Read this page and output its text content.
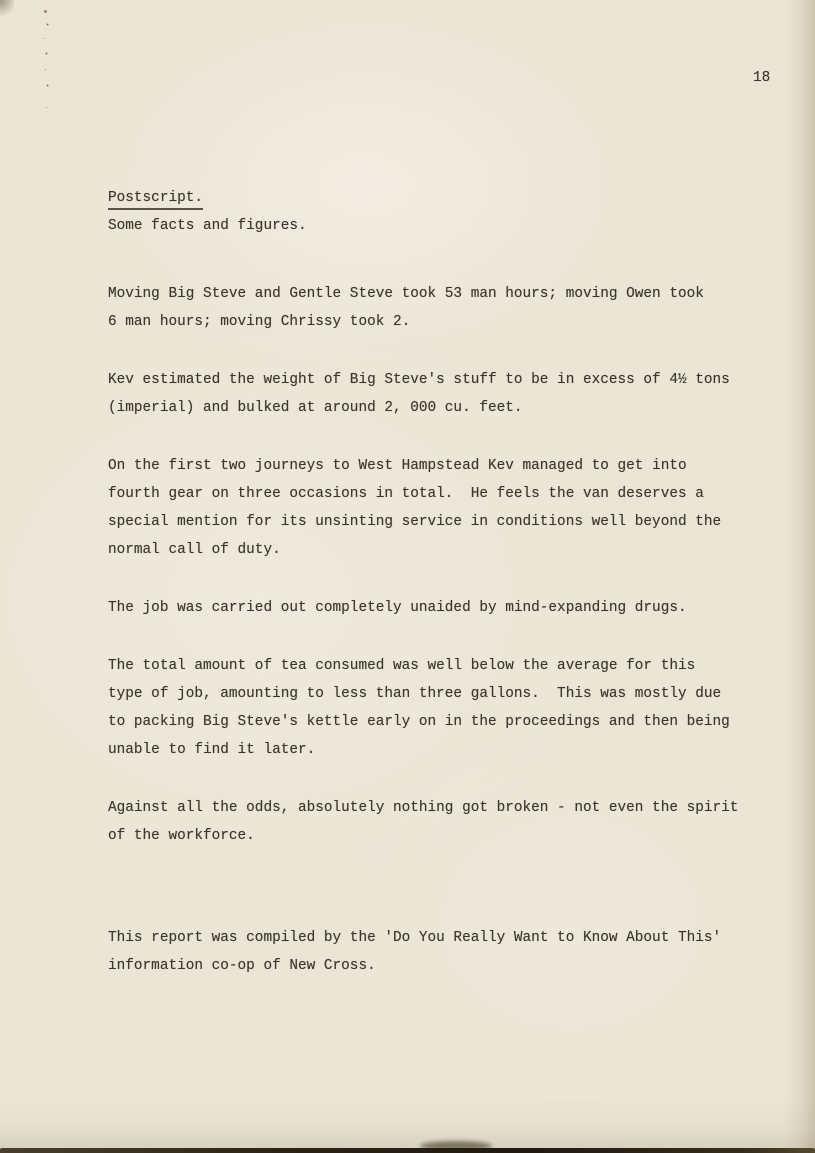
18
Postscript.
Some facts and figures.
Moving Big Steve and Gentle Steve took 53 man hours; moving Owen took
6 man hours; moving Chrissy took 2.
Kev estimated the weight of Big Steve's stuff to be in excess of 4½ tons
(imperial) and bulked at around 2, 000 cu. feet.
On the first two journeys to West Hampstead Kev managed to get into
fourth gear on three occasions in total.  He feels the van deserves a
special mention for its unsinting service in conditions well beyond the
normal call of duty.
The job was carried out completely unaided by mind-expanding drugs.
The total amount of tea consumed was well below the average for this
type of job, amounting to less than three gallons.  This was mostly due
to packing Big Steve's kettle early on in the proceedings and then being
unable to find it later.
Against all the odds, absolutely nothing got broken - not even the spirit
of the workforce.
This report was compiled by the 'Do You Really Want to Know About This'
information co-op of New Cross.
